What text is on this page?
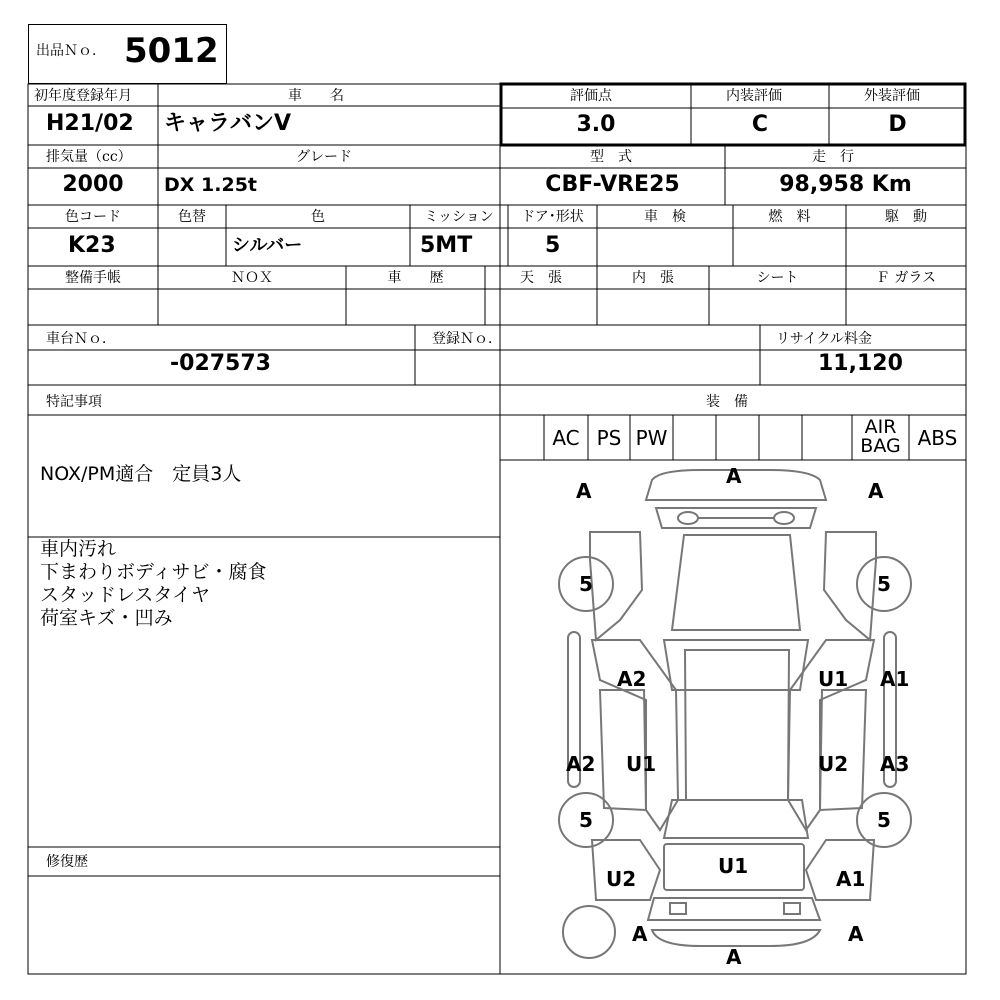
出品Ｎｏ． 5012
初年度登録年月
H21/02
車　　名
キャラバンV
評価点
3.0
内装評価
C
外装評価
D
排気量（cc）
2000
グレード
DX 1.25t
型　式
CBF-VRE25
走　行
98,958 Km
色コード
K23
色替	色
シルバー
ミッション
5MT
ドア･形状
5
車　検	燃　料	駆　動
整備手帳	ＮＯＸ	車　　歴	天　張	内　張	シート	Ｆ ガラス
車台Ｎｏ．
-027573
登録Ｎｏ．	リサイクル料金
11,120
特記事項
NOX/PM適合　定員3人
車内汚れ
下まわりボディサビ・腐食
スタッドレスタイヤ
荷室キズ・凹み
修復歴
装　備
AC PS PW	AIR
BAG ABS
A
A	A
5	5
A2	U1 A1
A2 U1	U2 A3
5	5
U1
U2	A1
A	A
A
